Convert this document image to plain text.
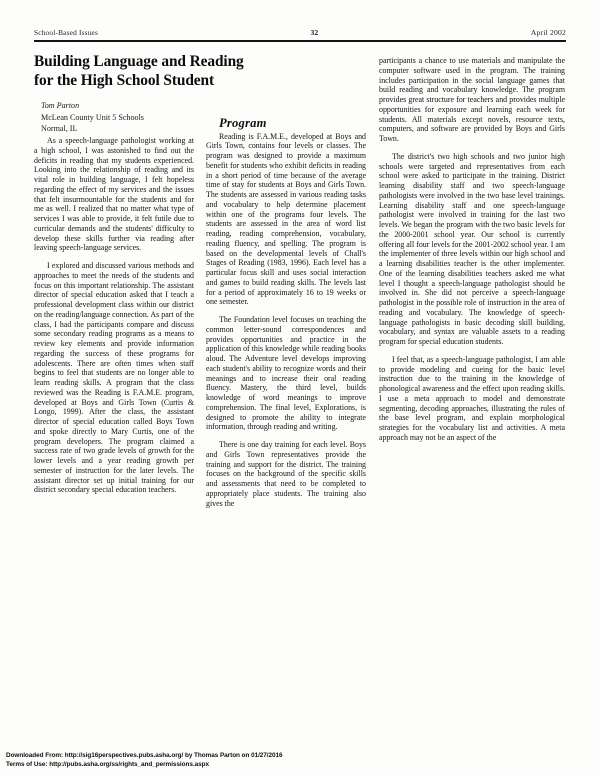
School-Based Issues	32	April 2002
Building Language and Reading for the High School Student
Tom Parton
McLean County Unit 5 Schools
Normal, IL

As a speech-language pathologist working at a high school, I was astonished to find out the deficits in reading that my students experienced. Looking into the relationship of reading and its vital role in building language, I felt hopeless regarding the effect of my services and the issues that felt insurmountable for the students and for me as well. I realized that no matter what type of services I was able to provide, it felt futile due to curricular demands and the students' difficulty to develop these skills further via reading after leaving speech-language services.

I explored and discussed various methods and approaches to meet the needs of the students and focus on this important relationship. The assistant director of special education asked that I teach a professional development class within our district on the reading/language connection. As part of the class, I had the participants compare and discuss some secondary reading programs as a means to review key elements and provide information regarding the success of these programs for adolescents. There are often times when staff begins to feel that students are no longer able to learn reading skills. A program that the class reviewed was the Reading is F.A.M.E. program, developed at Boys and Girls Town (Curtis & Longo, 1999). After the class, the assistant director of special education called Boys Town and spoke directly to Mary Curtis, one of the program developers. The program claimed a success rate of two grade levels of growth for the lower levels and a year reading growth per semester of instruction for the later levels. The assistant director set up initial training for our district secondary special education teachers.

Program

Reading is F.A.M.E., developed at Boys and Girls Town, contains four levels or classes. The program was designed to provide a maximum benefit for students who exhibit deficits in reading in a short period of time because of the average time of stay for students at Boys and Girls Town. The students are assessed in various reading tasks and vocabulary to help determine placement within one of the programs four levels. The students are assessed in the area of word list reading, reading comprehension, vocabulary, reading fluency, and spelling. The program is based on the developmental levels of Chall's Stages of Reading (1983, 1996). Each level has a particular focus skill and uses social interaction and games to build reading skills. The levels last for a period of approximately 16 to 19 weeks or one semester.

The Foundation level focuses on teaching the common letter-sound correspondences and provides opportunities and practice in the application of this knowledge while reading books aloud. The Adventure level develops improving each student's ability to recognize words and their meanings and to increase their oral reading fluency. Mastery, the third level, builds knowledge of word meanings to improve comprehension. The final level, Explorations, is designed to promote the ability to integrate information, through reading and writing.

There is one day training for each level. Boys and Girls Town representatives provide the training and support for the district. The training focuses on the background of the specific skills and assessments that need to be completed to appropriately place students. The training also gives the

participants a chance to use materials and manipulate the computer software used in the program. The training includes participation in the social language games that build reading and vocabulary knowledge. The program provides great structure for teachers and provides multiple opportunities for exposure and learning each week for students. All materials except novels, resource texts, computers, and software are provided by Boys and Girls Town.

The district's two high schools and two junior high schools were targeted and representatives from each school were asked to participate in the training. District learning disability staff and two speech-language pathologists were involved in the two base level trainings. Learning disability staff and one speech-language pathologist were involved in training for the last two levels. We began the program with the two basic levels for the 2000-2001 school year. Our school is currently offering all four levels for the 2001-2002 school year. I am the implementer of three levels within our high school and a learning disabilities teacher is the other implementer. One of the learning disabilities teachers asked me what level I thought a speech-language pathologist should be involved in. She did not perceive a speech-language pathologist in the possible role of instruction in the area of reading and vocabulary. The knowledge of speech-language pathologists in basic decoding skill building, vocabulary, and syntax are valuable assets to a reading program for special education students.

I feel that, as a speech-language pathologist, I am able to provide modeling and cueing for the basic level instruction due to the training in the knowledge of phonological awareness and the effect upon reading skills. I use a meta approach to model and demonstrate segmenting, decoding approaches, illustrating the rules of the base level program, and explain morphological strategies for the vocabulary list and activities. A meta approach may not be an aspect of the

Downloaded From: http://sig16perspectives.pubs.asha.org/ by Thomas Parton on 01/27/2016
Terms of Use: http://pubs.asha.org/ss/rights_and_permissions.aspx
